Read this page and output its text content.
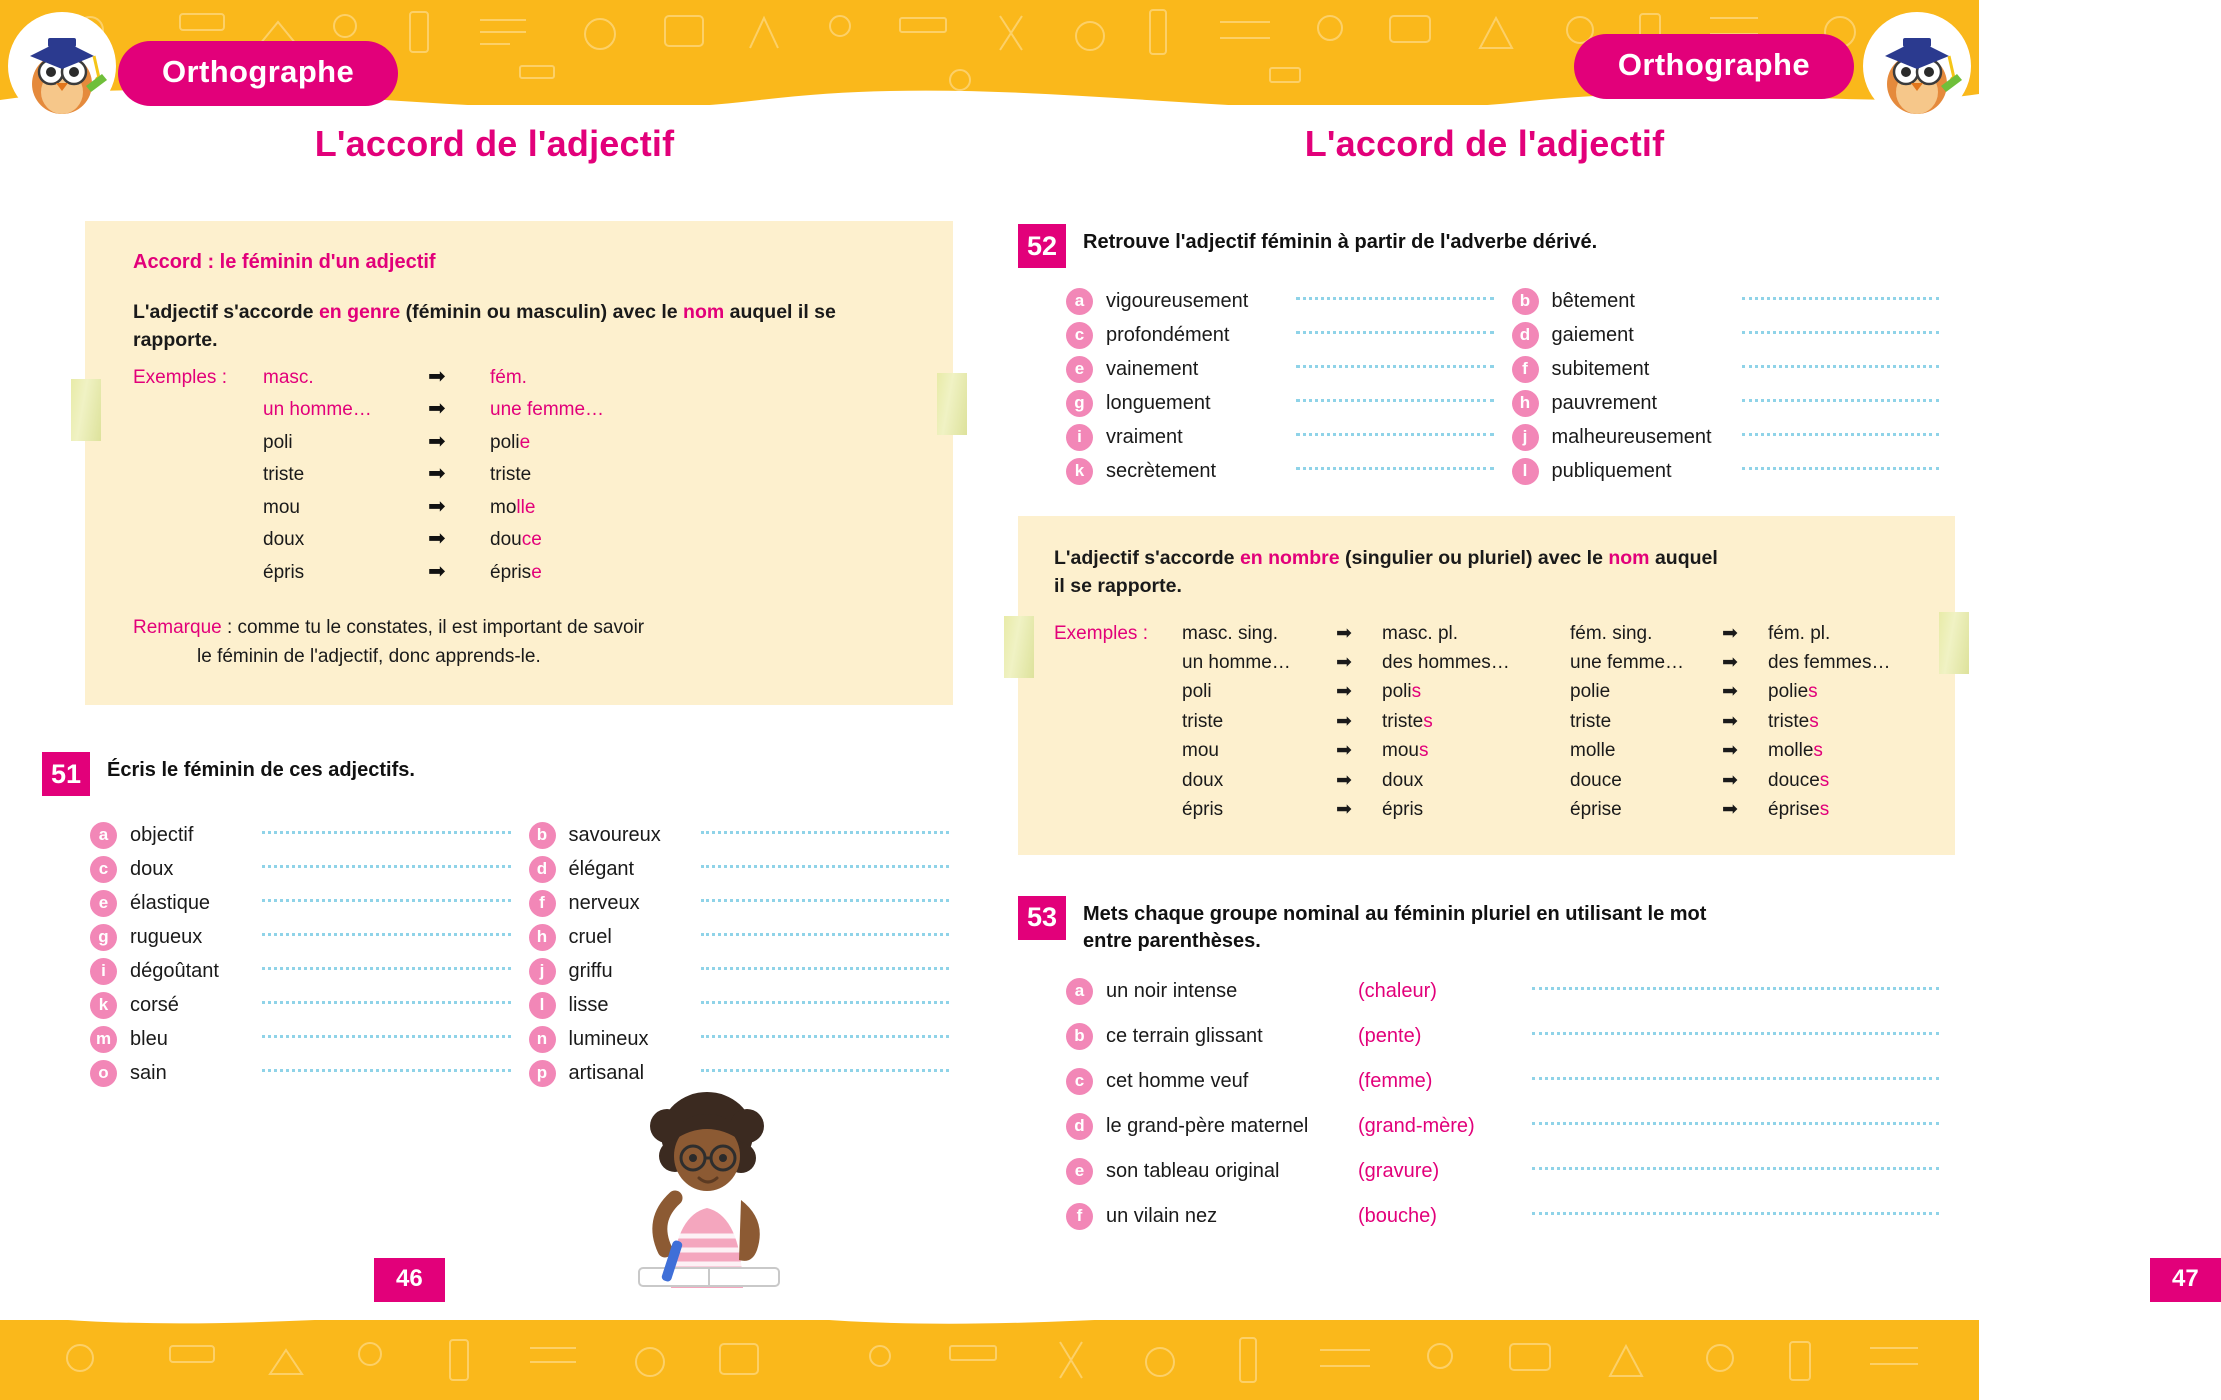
Orthographe	Orthographe
L'accord de l'adjectif
Accord : le féminin d'un adjectif
L'adjectif s'accorde en genre (féminin ou masculin) avec le nom auquel il se rapporte.
Exemples :	masc.	➡	fém.
un homme…	➡	une femme…
poli	➡	polie
triste	➡	triste
mou	➡	molle
doux	➡	douce
épris	➡	éprise
Remarque : comme tu le constates, il est important de savoir
le féminin de l'adjectif, donc apprends-le.
51	Écris le féminin de ces adjectifs.
a	objectif	b	savoureux
c	doux	d	élégant
e	élastique	f	nerveux
g	rugueux	h	cruel
i	dégoûtant	j	griffu
k	corsé	l	lisse
m bleu	n	lumineux
o	sain	p	artisanal
46
L'accord de l'adjectif
52	Retrouve l'adjectif féminin à partir de l'adverbe dérivé.
a	vigoureusement	b	bêtement
c	profondément	d	gaiement
e	vainement	f	subitement
g	longuement	h	pauvrement
i	vraiment	j	malheureusement
k	secrètement	l	publiquement
L'adjectif s'accorde en nombre (singulier ou pluriel) avec le nom auquel
il se rapporte.
Exemples :	masc. sing.	➡	masc. pl.	fém. sing.	➡	fém. pl.
un homme…	➡	des hommes…	une femme…	➡	des femmes…
poli	➡	polis	polie	➡	polies
triste	➡	tristes	triste	➡	tristes
mou	➡	mous	molle	➡	molles
doux	➡	doux	douce	➡	douces
épris	➡	épris	éprise	➡	éprises
53	Mets chaque groupe nominal au féminin pluriel en utilisant le mot
entre parenthèses.
a	un noir intense	(chaleur)
b	ce terrain glissant	(pente)
c	cet homme veuf	(femme)
d	le grand-père maternel	(grand-mère)
e	son tableau original	(gravure)
f	un vilain nez	(bouche)
47
